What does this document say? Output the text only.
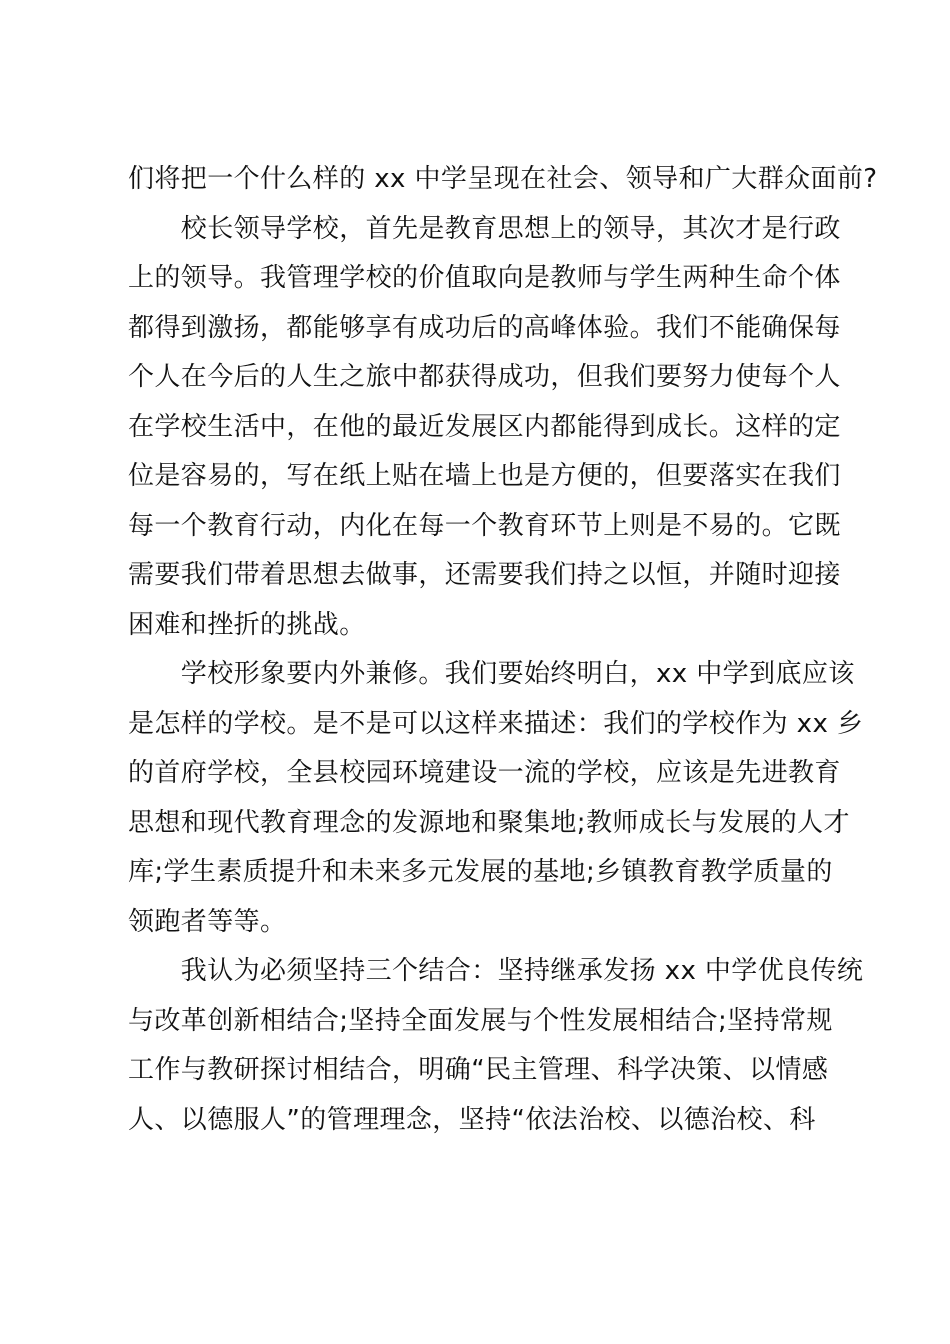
们将把一个什么样的 xx 中学呈现在社会、领导和广大群众面前?
　　校长领导学校，首先是教育思想上的领导，其次才是行政
上的领导。我管理学校的价值取向是教师与学生两种生命个体
都得到激扬，都能够享有成功后的高峰体验。我们不能确保每
个人在今后的人生之旅中都获得成功，但我们要努力使每个人
在学校生活中，在他的最近发展区内都能得到成长。这样的定
位是容易的，写在纸上贴在墙上也是方便的，但要落实在我们
每一个教育行动，内化在每一个教育环节上则是不易的。它既
需要我们带着思想去做事，还需要我们持之以恒，并随时迎接
困难和挫折的挑战。
　　学校形象要内外兼修。我们要始终明白，xx 中学到底应该
是怎样的学校。是不是可以这样来描述：我们的学校作为 xx 乡
的首府学校，全县校园环境建设一流的学校，应该是先进教育
思想和现代教育理念的发源地和聚集地;教师成长与发展的人才
库;学生素质提升和未来多元发展的基地;乡镇教育教学质量的
领跑者等等。
　　我认为必须坚持三个结合：坚持继承发扬 xx 中学优良传统
与改革创新相结合;坚持全面发展与个性发展相结合;坚持常规
工作与教研探讨相结合，明确“民主管理、科学决策、以情感
人、以德服人”的管理理念，坚持“依法治校、以德治校、科
